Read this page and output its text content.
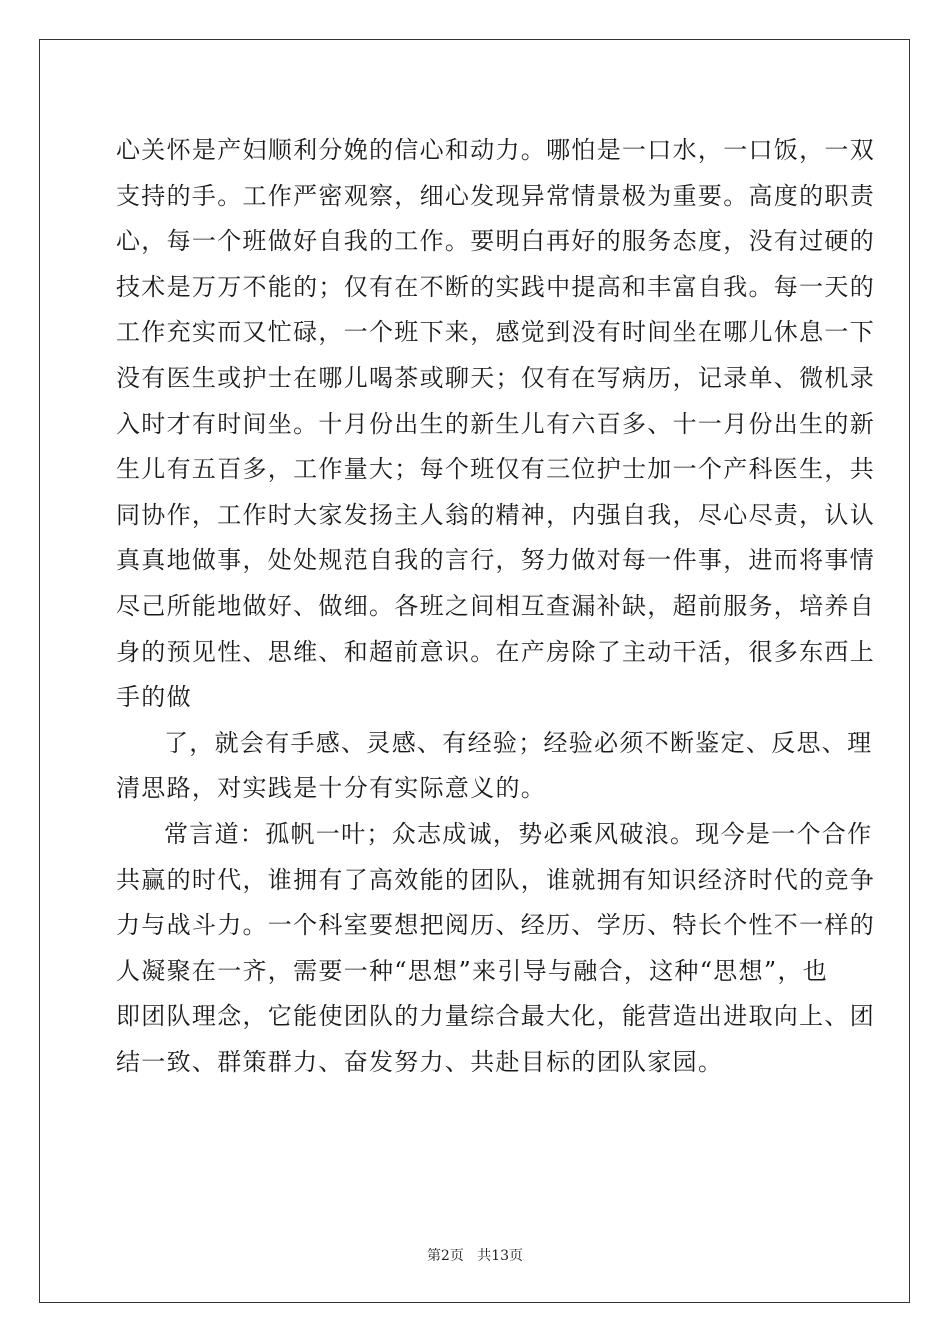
心关怀是产妇顺利分娩的信心和动力。哪怕是一口水，一口饭，一双
支持的手。工作严密观察，细心发现异常情景极为重要。高度的职责
心，每一个班做好自我的工作。要明白再好的服务态度，没有过硬的
技术是万万不能的；仅有在不断的实践中提高和丰富自我。每一天的
工作充实而又忙碌，一个班下来，感觉到没有时间坐在哪儿休息一下
没有医生或护士在哪儿喝茶或聊天；仅有在写病历，记录单、微机录
入时才有时间坐。十月份出生的新生儿有六百多、十一月份出生的新
生儿有五百多，工作量大；每个班仅有三位护士加一个产科医生，共
同协作，工作时大家发扬主人翁的精神，内强自我，尽心尽责，认认
真真地做事，处处规范自我的言行，努力做对每一件事，进而将事情
尽己所能地做好、做细。各班之间相互查漏补缺，超前服务，培养自
身的预见性、思维、和超前意识。在产房除了主动干活，很多东西上
手的做
了，就会有手感、灵感、有经验；经验必须不断鉴定、反思、理
清思路，对实践是十分有实际意义的。
常言道：孤帆一叶；众志成诚，势必乘风破浪。现今是一个合作
共赢的时代，谁拥有了高效能的团队，谁就拥有知识经济时代的竞争
力与战斗力。一个科室要想把阅历、经历、学历、特长个性不一样的
人凝聚在一齐，需要一种“思想”来引导与融合，这种“思想”，也
即团队理念，它能使团队的力量综合最大化，能营造出进取向上、团
结一致、群策群力、奋发努力、共赴目标的团队家园。
第2页 共13页
